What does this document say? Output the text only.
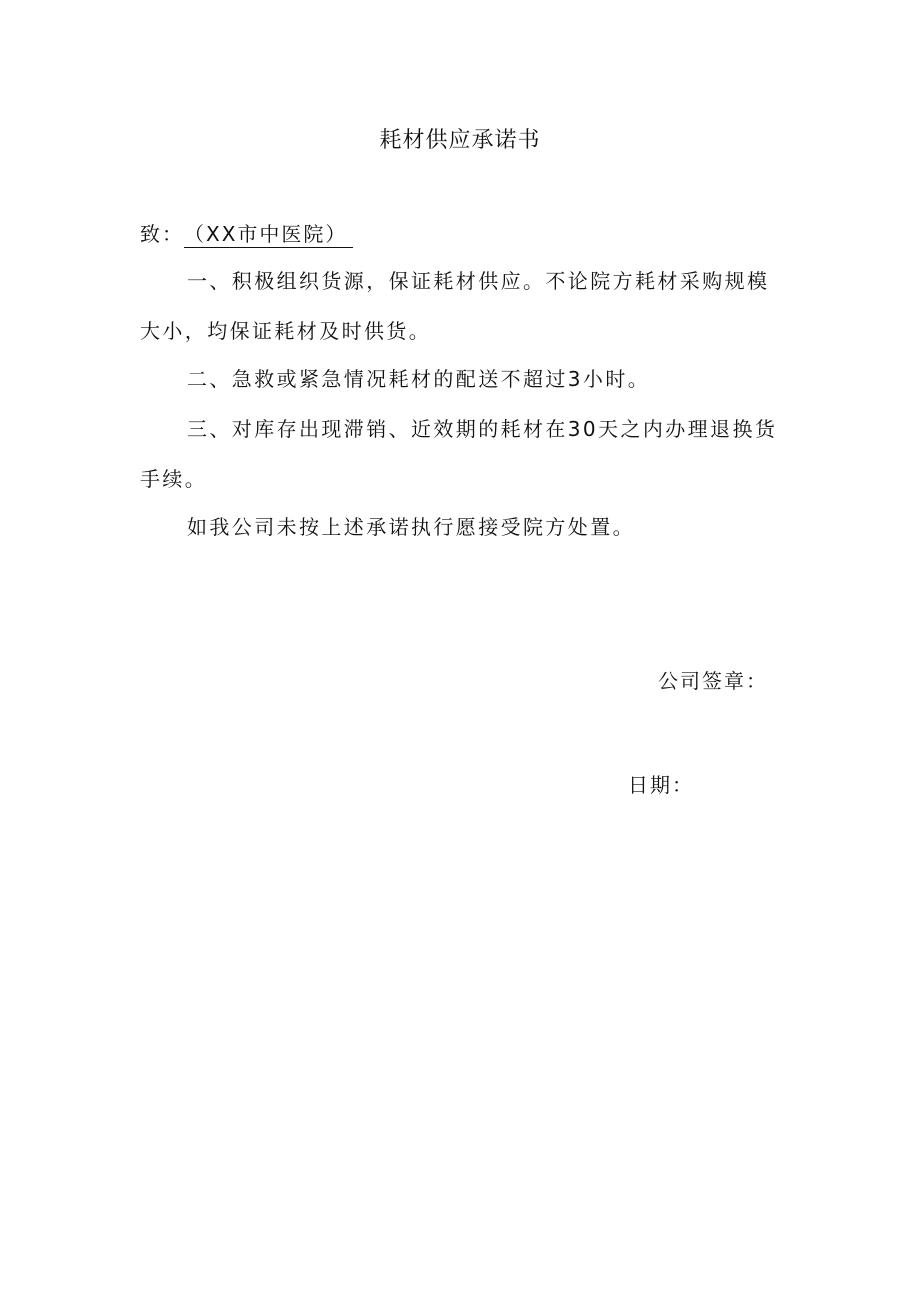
耗材供应承诺书
致：（XX市中医院）

一、积极组织货源，保证耗材供应。不论院方耗材采购规模大小，均保证耗材及时供货。

二、急救或紧急情况耗材的配送不超过3小时。

三、对库存出现滞销、近效期的耗材在30天之内办理退换货手续。

如我公司未按上述承诺执行愿接受院方处置。

公司签章：
日期：
